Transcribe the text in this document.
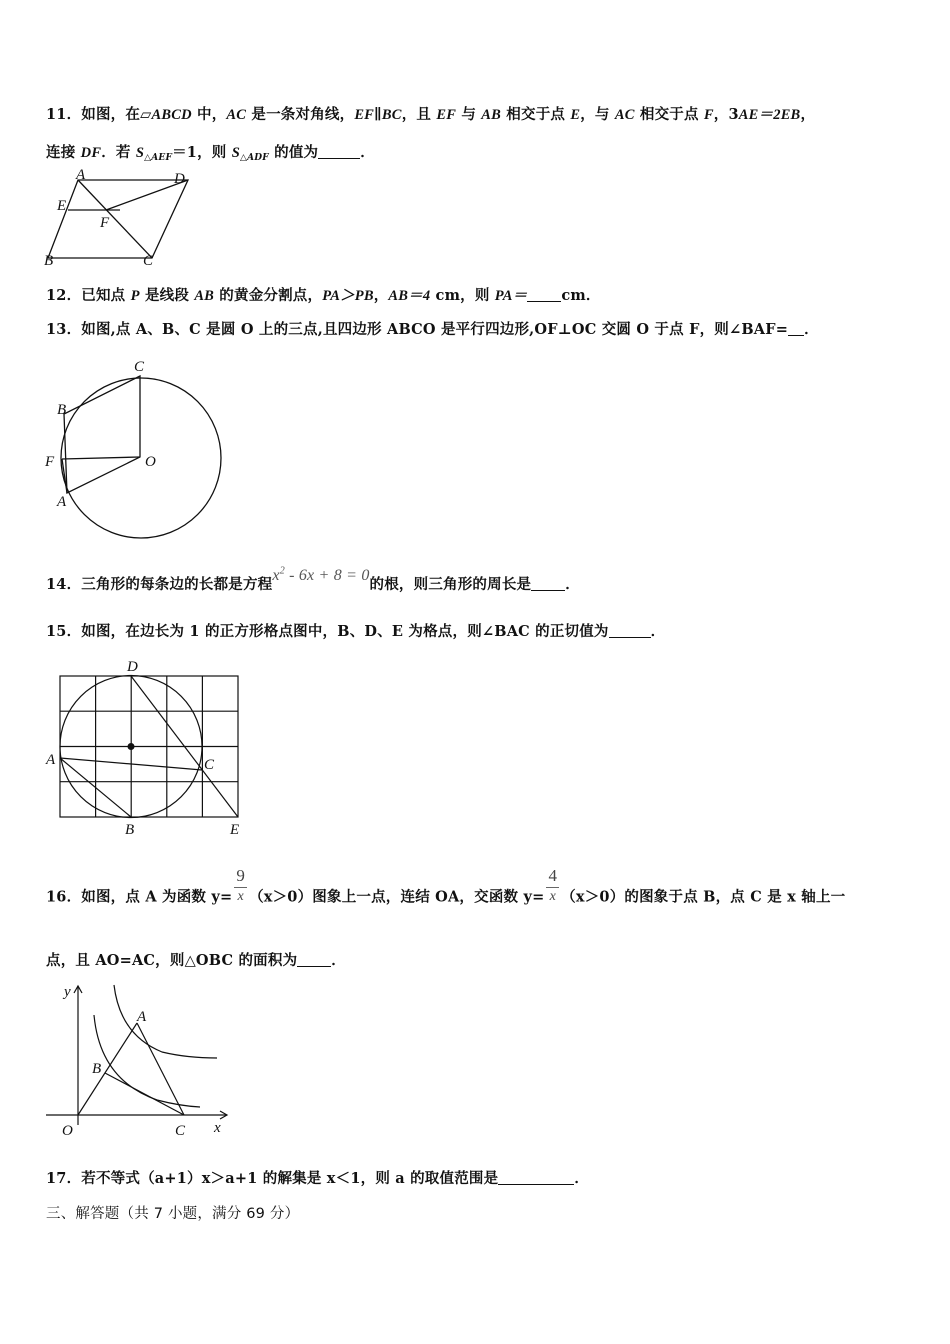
11．如图，在▱ABCD 中，AC 是一条对角线，EF∥BC，且 EF 与 AB 相交于点 E，与 AC 相交于点 F，3AE＝2EB，
连接 DF．若 $S_{\triangle AEF}=1$，则 $S_{\triangle ADF}$ 的值为	．
A	D
E
F
B	C
12．已知点 P 是线段 AB 的黄金分割点，PA＞PB，AB＝4 cm，则 PA＝ cm．
13．如图,点 A、B、C 是圆 O 上的三点,且四边形 ABCO 是平行四边形,OF⊥OC 交圆 O 于点 F，则∠BAF= ．
C
B
F	O
A
14．三角形的每条边的长都是方程$x^2 - 6x + 8 = 0$的根，则三角形的周长是 ．
15．如图，在边长为 1 的正方形格点图中，B、D、E 为格点，则∠BAC 的正切值为	．
D
A	C
B	E
16．如图，点 A 为函数 $y= \frac{9}{x} (x>0)$图象上一点，连结 OA，交函数 $y= \frac{4}{x} (x>0)$的图象于点 B，点 C 是 x 轴上一
点，且 AO=AC，则△OBC 的面积为 ．
y
A
B
O	C x
17．若不等式（a+1）x＞a+1 的解集是 x＜1，则 a 的取值范围是	．
三、解答题（共 7 小题，满分 69 分）
